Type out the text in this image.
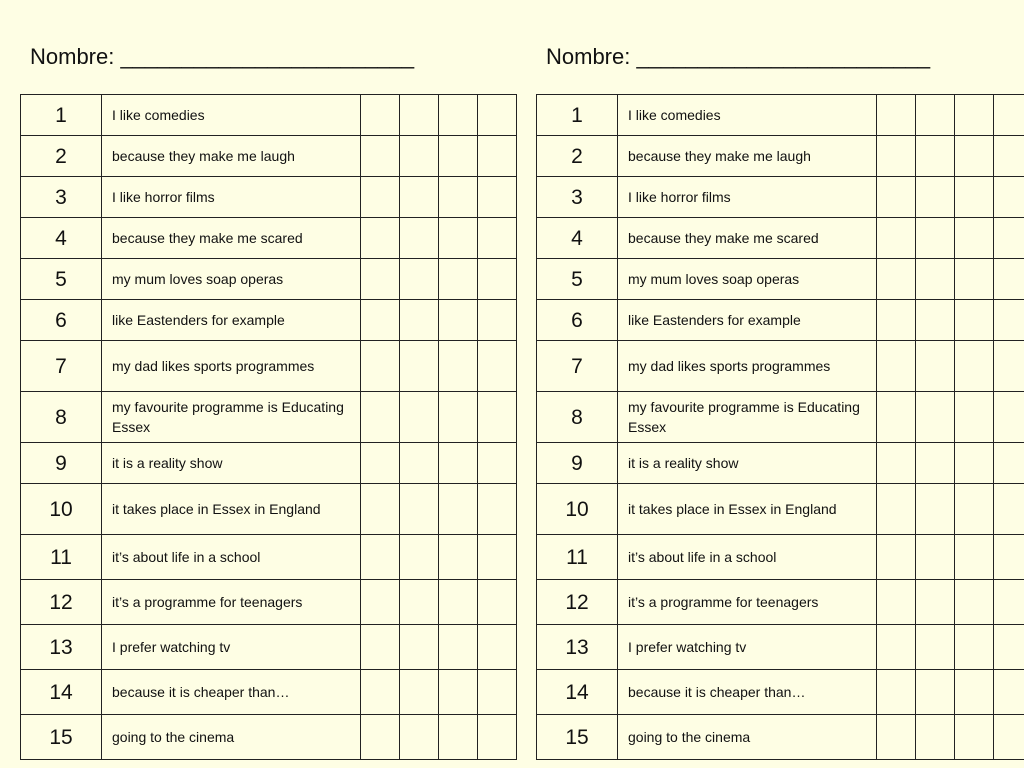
Nombre: ________________________
1	I like comedies				
2	because they make me laugh				
3	I like horror films				
4	because they make me scared				
5	my mum loves soap operas				
6	like Eastenders for example				
7	my dad likes sports programmes				
8	my favourite programme is Educating Essex				
9	it is a reality show				
10	it takes place in Essex in England				
11	it’s about life in a school				
12	it’s a programme for teenagers				
13	I prefer watching tv				
14	because it is cheaper than…				
15	going to the cinema				
Nombre: ________________________
1	I like comedies				
2	because they make me laugh				
3	I like horror films				
4	because they make me scared				
5	my mum loves soap operas				
6	like Eastenders for example				
7	my dad likes sports programmes				
8	my favourite programme is Educating Essex				
9	it is a reality show				
10	it takes place in Essex in England				
11	it’s about life in a school				
12	it’s a programme for teenagers				
13	I prefer watching tv				
14	because it is cheaper than…				
15	going to the cinema				
